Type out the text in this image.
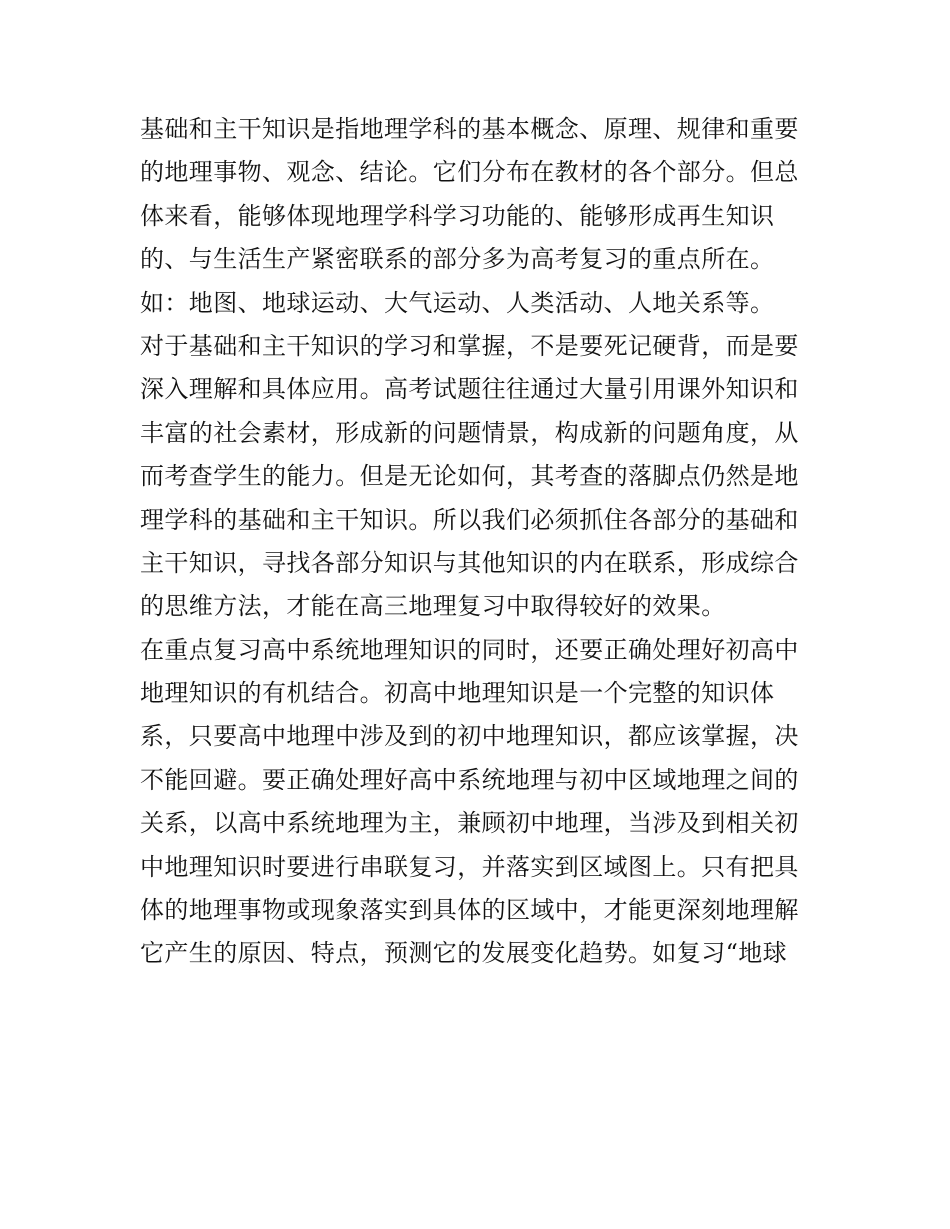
基础和主干知识是指地理学科的基本概念、原理、规律和重要
的地理事物、观念、结论。它们分布在教材的各个部分。但总
体来看，能够体现地理学科学习功能的、能够形成再生知识
的、与生活生产紧密联系的部分多为高考复习的重点所在。
如：地图、地球运动、大气运动、人类活动、人地关系等。
对于基础和主干知识的学习和掌握，不是要死记硬背，而是要
深入理解和具体应用。高考试题往往通过大量引用课外知识和
丰富的社会素材，形成新的问题情景，构成新的问题角度，从
而考查学生的能力。但是无论如何，其考查的落脚点仍然是地
理学科的基础和主干知识。所以我们必须抓住各部分的基础和
主干知识，寻找各部分知识与其他知识的内在联系，形成综合
的思维方法，才能在高三地理复习中取得较好的效果。
在重点复习高中系统地理知识的同时，还要正确处理好初高中
地理知识的有机结合。初高中地理知识是一个完整的知识体
系，只要高中地理中涉及到的初中地理知识，都应该掌握，决
不能回避。要正确处理好高中系统地理与初中区域地理之间的
关系，以高中系统地理为主，兼顾初中地理，当涉及到相关初
中地理知识时要进行串联复习，并落实到区域图上。只有把具
体的地理事物或现象落实到具体的区域中，才能更深刻地理解
它产生的原因、特点，预测它的发展变化趋势。如复习“地球
